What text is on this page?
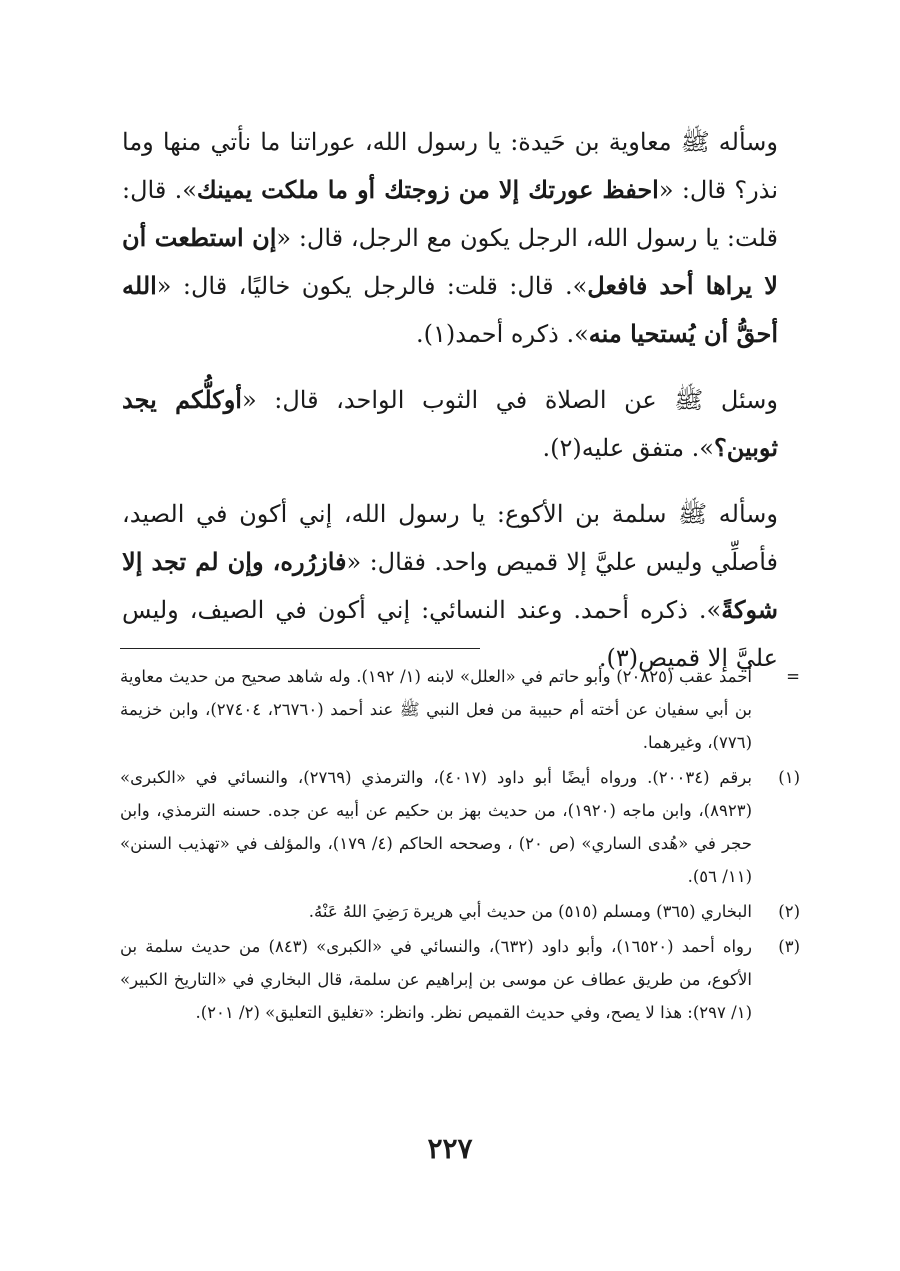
وسأله ﷺ معاوية بن حَيدة: يا رسول الله، عوراتنا ما نأتي منها وما نذر؟ قال: «احفظ عورتك إلا من زوجتك أو ما ملكت يمينك». قال: قلت: يا رسول الله، الرجل يكون مع الرجل، قال: «إن استطعت أن لا يراها أحد فافعل». قال: قلت: فالرجل يكون خاليًا، قال: «الله أحقُّ أن يُستحيا منه». ذكره أحمد(١).

وسئل ﷺ عن الصلاة في الثوب الواحد، قال: «أوكلُّكم يجد ثوبين؟». متفق عليه(٢).

وسأله ﷺ سلمة بن الأكوع: يا رسول الله، إني أكون في الصيد، فأصلِّي وليس عليَّ إلا قميص واحد. فقال: «فازرُره، وإن لم تجد إلا شوكةً». ذكره أحمد. وعند النسائي: إني أكون في الصيف، وليس عليَّ إلا قميص(٣).

=
أحمد عقب (٢٠٨٢٥) وأبو حاتم في «العلل» لابنه (١/ ١٩٢). وله شاهد صحيح من حديث معاوية بن أبي سفيان عن أخته أم حبيبة من فعل النبي ﷺ عند أحمد (٢٦٧٦٠، ٢٧٤٠٤)، وابن خزيمة (٧٧٦)، وغيرهما.
(١)
برقم (٢٠٠٣٤). ورواه أيضًا أبو داود (٤٠١٧)، والترمذي (٢٧٦٩)، والنسائي في «الكبرى» (٨٩٢٣)، وابن ماجه (١٩٢٠)، من حديث بهز بن حكيم عن أبيه عن جده. حسنه الترمذي، وابن حجر في «هُدى الساري» (ص ٢٠) ، وصححه الحاكم (٤/ ١٧٩)، والمؤلف في «تهذيب السنن» (١١/ ٥٦).
(٢)
البخاري (٣٦٥) ومسلم (٥١٥) من حديث أبي هريرة رَضِيَ اللهُ عَنْهُ.
(٣)
رواه أحمد (١٦٥٢٠)، وأبو داود (٦٣٢)، والنسائي في «الكبرى» (٨٤٣) من حديث سلمة بن الأكوع، من طريق عطاف عن موسى بن إبراهيم عن سلمة، قال البخاري في «التاريخ الكبير» (١/ ٢٩٧): هذا لا يصح، وفي حديث القميص نظر. وانظر: «تغليق التعليق» (٢/ ٢٠١).
٢٢٧
